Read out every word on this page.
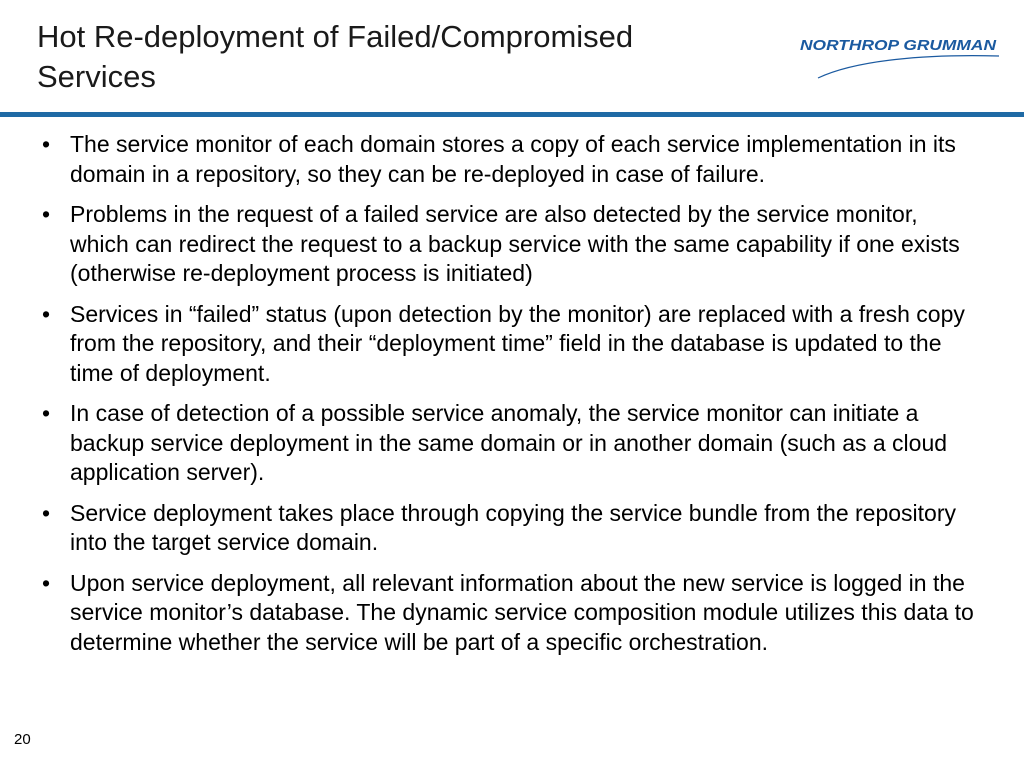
Hot Re-deployment of Failed/Compromised Services
NORTHROP GRUMMAN
• The service monitor of each domain stores a copy of each service implementation in its domain in a repository, so they can be re-deployed in case of failure.
• Problems in the request of a failed service are also detected by the service monitor, which can redirect the request to a backup service with the same capability if one exists (otherwise re-deployment process is initiated)
• Services in “failed” status (upon detection by the monitor) are replaced with a fresh copy from the repository, and their “deployment time” field in the database is updated to the time of deployment.
• In case of detection of a possible service anomaly, the service monitor can initiate a backup service deployment in the same domain or in another domain (such as a cloud application server).
• Service deployment takes place through copying the service bundle from the repository into the target service domain.
• Upon service deployment, all relevant information about the new service is logged in the service monitor’s database. The dynamic service composition module utilizes this data to determine whether the service will be part of a specific orchestration.
20
